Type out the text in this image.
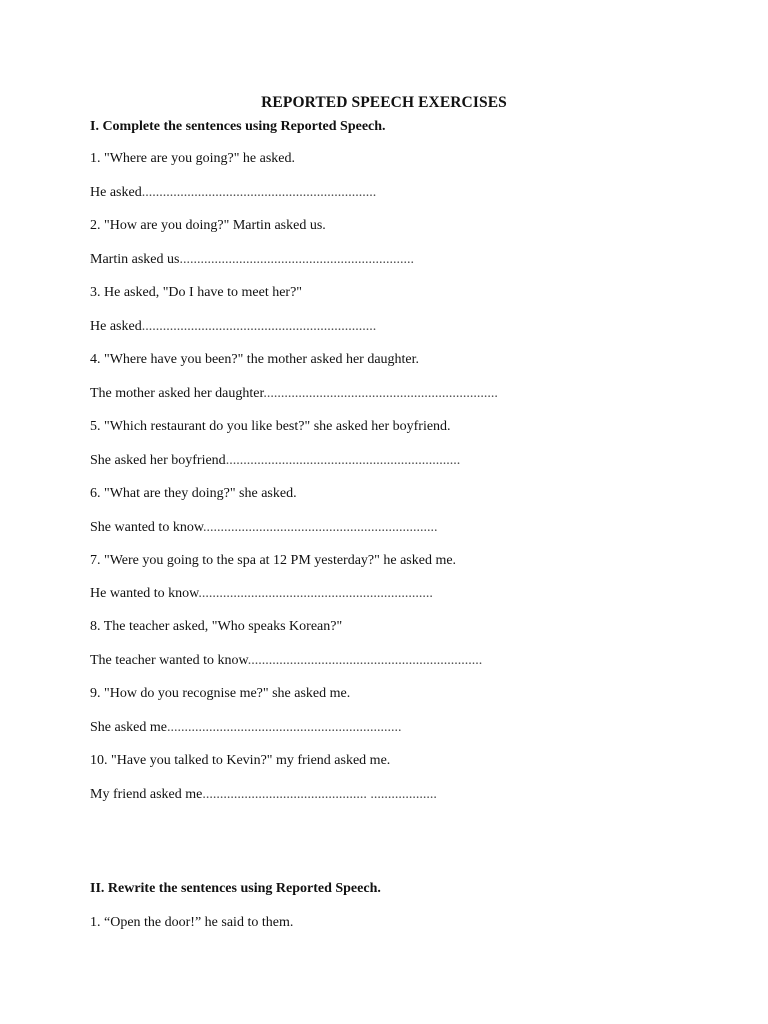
REPORTED SPEECH EXERCISES
I. Complete the sentences using Reported Speech.
1. "Where are you going?" he asked.
He asked...................................................................
2. "How are you doing?" Martin asked us.
Martin asked us...................................................................
3. He asked, "Do I have to meet her?"
He asked...................................................................
4. "Where have you been?" the mother asked her daughter.
The mother asked her daughter...................................................................
5. "Which restaurant do you like best?" she asked her boyfriend.
She asked her boyfriend...................................................................
6. "What are they doing?" she asked.
She wanted to know...................................................................
7. "Were you going to the spa at 12 PM yesterday?" he asked me.
He wanted to know...................................................................
8. The teacher asked, "Who speaks Korean?"
The teacher wanted to know...................................................................
9. "How do you recognise me?" she asked me.
She asked me...................................................................
10. "Have you talked to Kevin?" my friend asked me.
My friend asked me............................................... ...................
II. Rewrite the sentences using Reported Speech.
1. “Open the door!” he said to them.
